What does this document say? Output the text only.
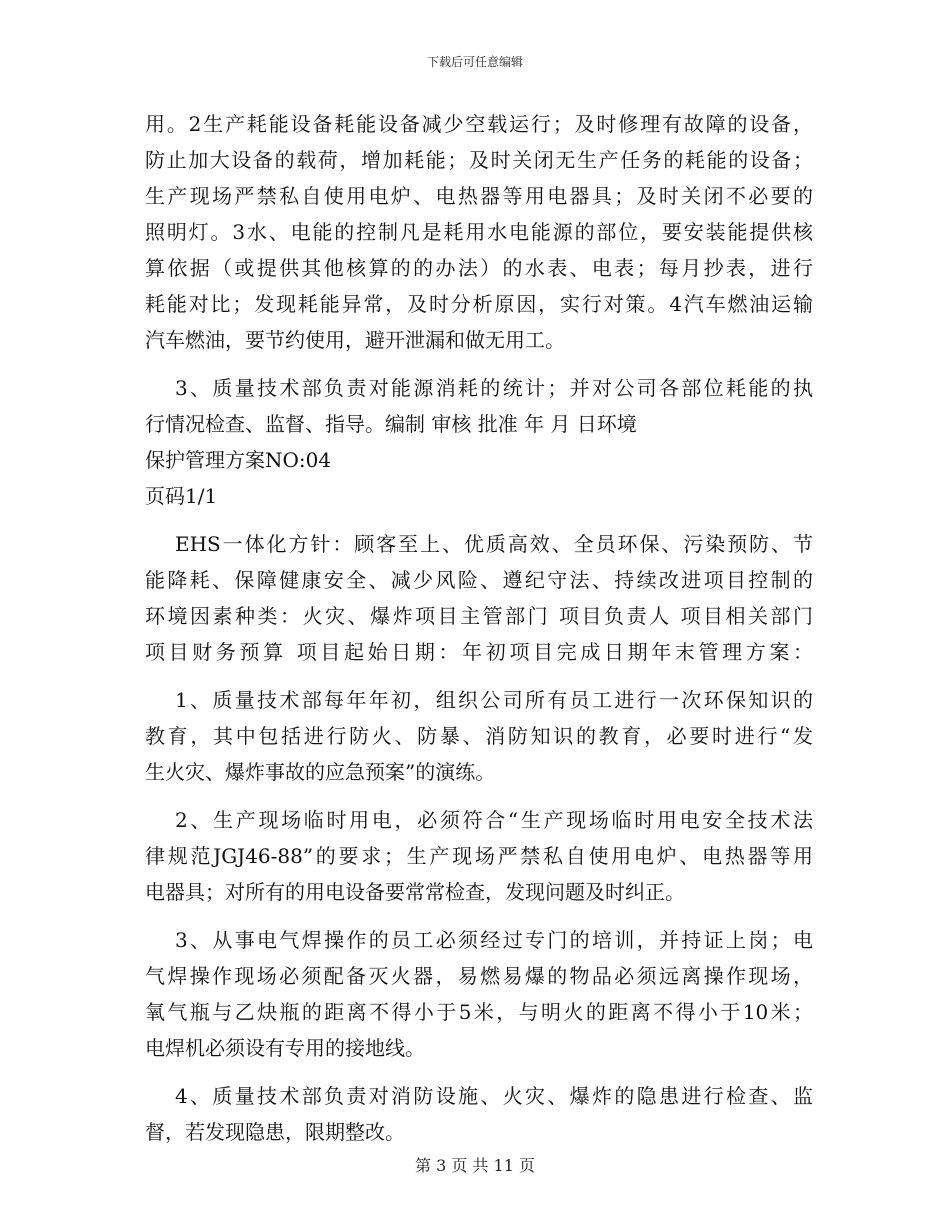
下载后可任意编辑
用。2生产耗能设备耗能设备减少空载运行；及时修理有故障的设备，
防止加大设备的载荷，增加耗能；及时关闭无生产任务的耗能的设备；
生产现场严禁私自使用电炉、电热器等用电器具；及时关闭不必要的
照明灯。3水、电能的控制凡是耗用水电能源的部位，要安装能提供核
算依据（或提供其他核算的的办法）的水表、电表；每月抄表，进行
耗能对比；发现耗能异常，及时分析原因，实行对策。4汽车燃油运输
汽车燃油，要节约使用，避开泄漏和做无用工。
3、质量技术部负责对能源消耗的统计；并对公司各部位耗能的执
行情况检查、监督、指导。编制 审核 批准 年 月 日环境
保护管理方案NO:04
页码1/1
EHS一体化方针：顾客至上、优质高效、全员环保、污染预防、节
能降耗、保障健康安全、减少风险、遵纪守法、持续改进项目控制的
环境因素种类：火灾、爆炸项目主管部门 项目负责人 项目相关部门
项目财务预算 项目起始日期：年初项目完成日期年末管理方案：
1、质量技术部每年年初，组织公司所有员工进行一次环保知识的
教育，其中包括进行防火、防暴、消防知识的教育，必要时进行“发
生火灾、爆炸事故的应急预案”的演练。
2、生产现场临时用电，必须符合“生产现场临时用电安全技术法
律规范JGJ46-88”的要求；生产现场严禁私自使用电炉、电热器等用
电器具；对所有的用电设备要常常检查，发现问题及时纠正。
3、从事电气焊操作的员工必须经过专门的培训，并持证上岗；电
气焊操作现场必须配备灭火器，易燃易爆的物品必须远离操作现场，
氧气瓶与乙炔瓶的距离不得小于5米，与明火的距离不得小于10米；
电焊机必须设有专用的接地线。
4、质量技术部负责对消防设施、火灾、爆炸的隐患进行检查、监
督，若发现隐患，限期整改。
第 3 页 共 11 页
